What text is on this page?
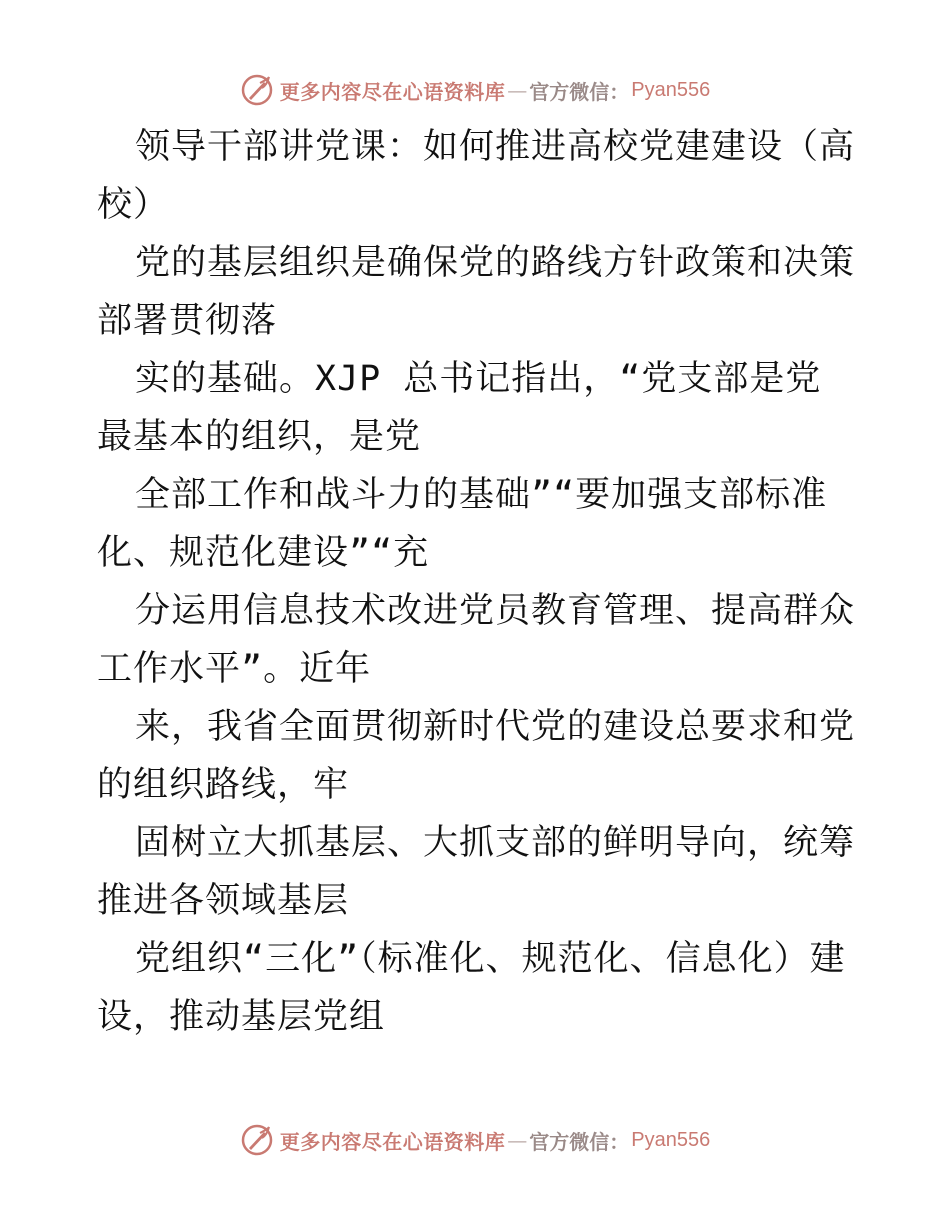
更多内容尽在心语资料库 — 官方微信： Pyan556

领导干部讲党课：如何推进高校党建建设（高校）

党的基层组织是确保党的路线方针政策和决策部署贯彻落

实的基础。XJP 总书记指出，“党支部是党最基本的组织，是党

全部工作和战斗力的基础”“要加强支部标准化、规范化建设”“充

分运用信息技术改进党员教育管理、提高群众工作水平”。近年

来，我省全面贯彻新时代党的建设总要求和党的组织路线，牢

固树立大抓基层、大抓支部的鲜明导向，统筹推进各领域基层

党组织“三化”（标准化、规范化、信息化）建设，推动基层党组

更多内容尽在心语资料库 — 官方微信： Pyan556
